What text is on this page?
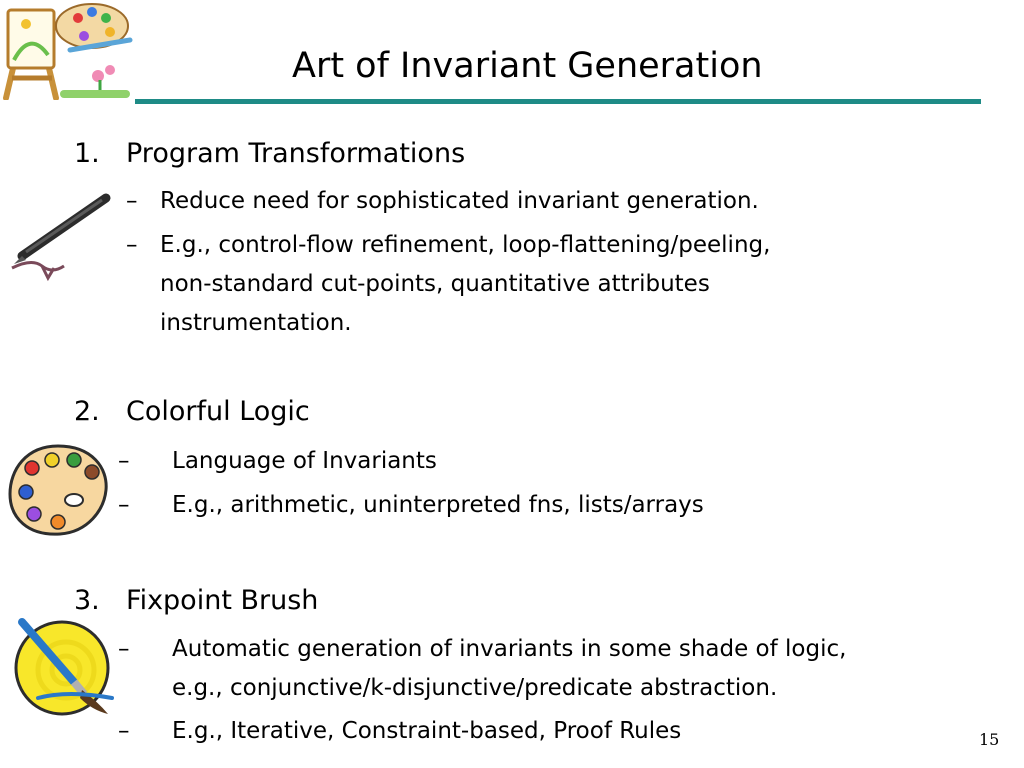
Art of Invariant Generation
1. Program Transformations
– Reduce need for sophisticated invariant generation.
– E.g., control-flow refinement, loop-flattening/peeling,
non-standard cut-points, quantitative attributes
instrumentation.
2. Colorful Logic
– Language of Invariants
– E.g., arithmetic, uninterpreted fns, lists/arrays
3. Fixpoint Brush
– Automatic generation of invariants in some shade of logic,
e.g., conjunctive/k-disjunctive/predicate abstraction.
– E.g., Iterative, Constraint-based, Proof Rules	15
